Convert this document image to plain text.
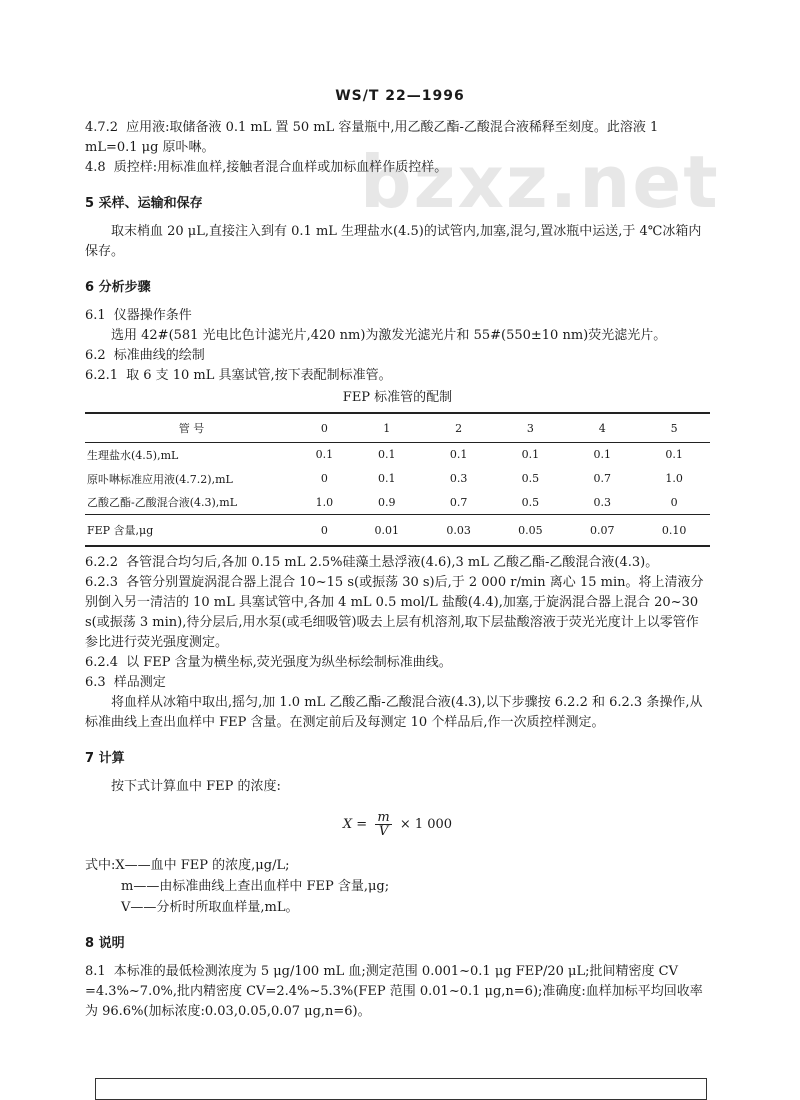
WS/T 22—1996
bzxz.net

4.7.2 应用液:取储备液 0.1 mL 置 50 mL 容量瓶中,用乙酸乙酯-乙酸混合液稀释至刻度。此溶液 1 mL=0.1 μg 原卟啉。

4.8 质控样:用标准血样,接触者混合血样或加标血样作质控样。

5 采样、运输和保存

取末梢血 20 μL,直接注入到有 0.1 mL 生理盐水(4.5)的试管内,加塞,混匀,置冰瓶中运送,于 4℃冰箱内保存。

6 分析步骤

6.1 仪器操作条件

选用 42#(581 光电比色计滤光片,420 nm)为激发光滤光片和 55#(550±10 nm)荧光滤光片。

6.2 标准曲线的绘制

6.2.1 取 6 支 10 mL 具塞试管,按下表配制标准管。

FEP 标准管的配制

管 号	0	1	2	3	4	5
生理盐水(4.5),mL	0.1	0.1	0.1	0.1	0.1	0.1
原卟啉标准应用液(4.7.2),mL	0	0.1	0.3	0.5	0.7	1.0
乙酸乙酯-乙酸混合液(4.3),mL	1.0	0.9	0.7	0.5	0.3	0
FEP 含量,μg	0	0.01	0.03	0.05	0.07	0.10

6.2.2 各管混合均匀后,各加 0.15 mL 2.5%硅藻土悬浮液(4.6),3 mL 乙酸乙酯-乙酸混合液(4.3)。

6.2.3 各管分别置旋涡混合器上混合 10~15 s(或振荡 30 s)后,于 2 000 r/min 离心 15 min。将上清液分别倒入另一清洁的 10 mL 具塞试管中,各加 4 mL 0.5 mol/L 盐酸(4.4),加塞,于旋涡混合器上混合 20~30 s(或振荡 3 min),待分层后,用水泵(或毛细吸管)吸去上层有机溶剂,取下层盐酸溶液于荧光光度计上以零管作参比进行荧光强度测定。

6.2.4 以 FEP 含量为横坐标,荧光强度为纵坐标绘制标准曲线。

6.3 样品测定

将血样从冰箱中取出,摇匀,加 1.0 mL 乙酸乙酯-乙酸混合液(4.3),以下步骤按 6.2.2 和 6.2.3 条操作,从标准曲线上查出血样中 FEP 含量。在测定前后及每测定 10 个样品后,作一次质控样测定。

7 计算

按下式计算血中 FEP 的浓度:

$X = \frac{m}{V} \times 1$ 000

式中:X——血中 FEP 的浓度,μg/L;

m——由标准曲线上查出血样中 FEP 含量,μg;

V——分析时所取血样量,mL。

8 说明

8.1 本标准的最低检测浓度为 5 μg/100 mL 血;测定范围 0.001~0.1 μg FEP/20 μL;批间精密度 CV =4.3%~7.0%,批内精密度 CV=2.4%~5.3%(FEP 范围 0.01~0.1 μg,n=6);准确度:血样加标平均回收率为 96.6%(加标浓度:0.03,0.05,0.07 μg,n=6)。
